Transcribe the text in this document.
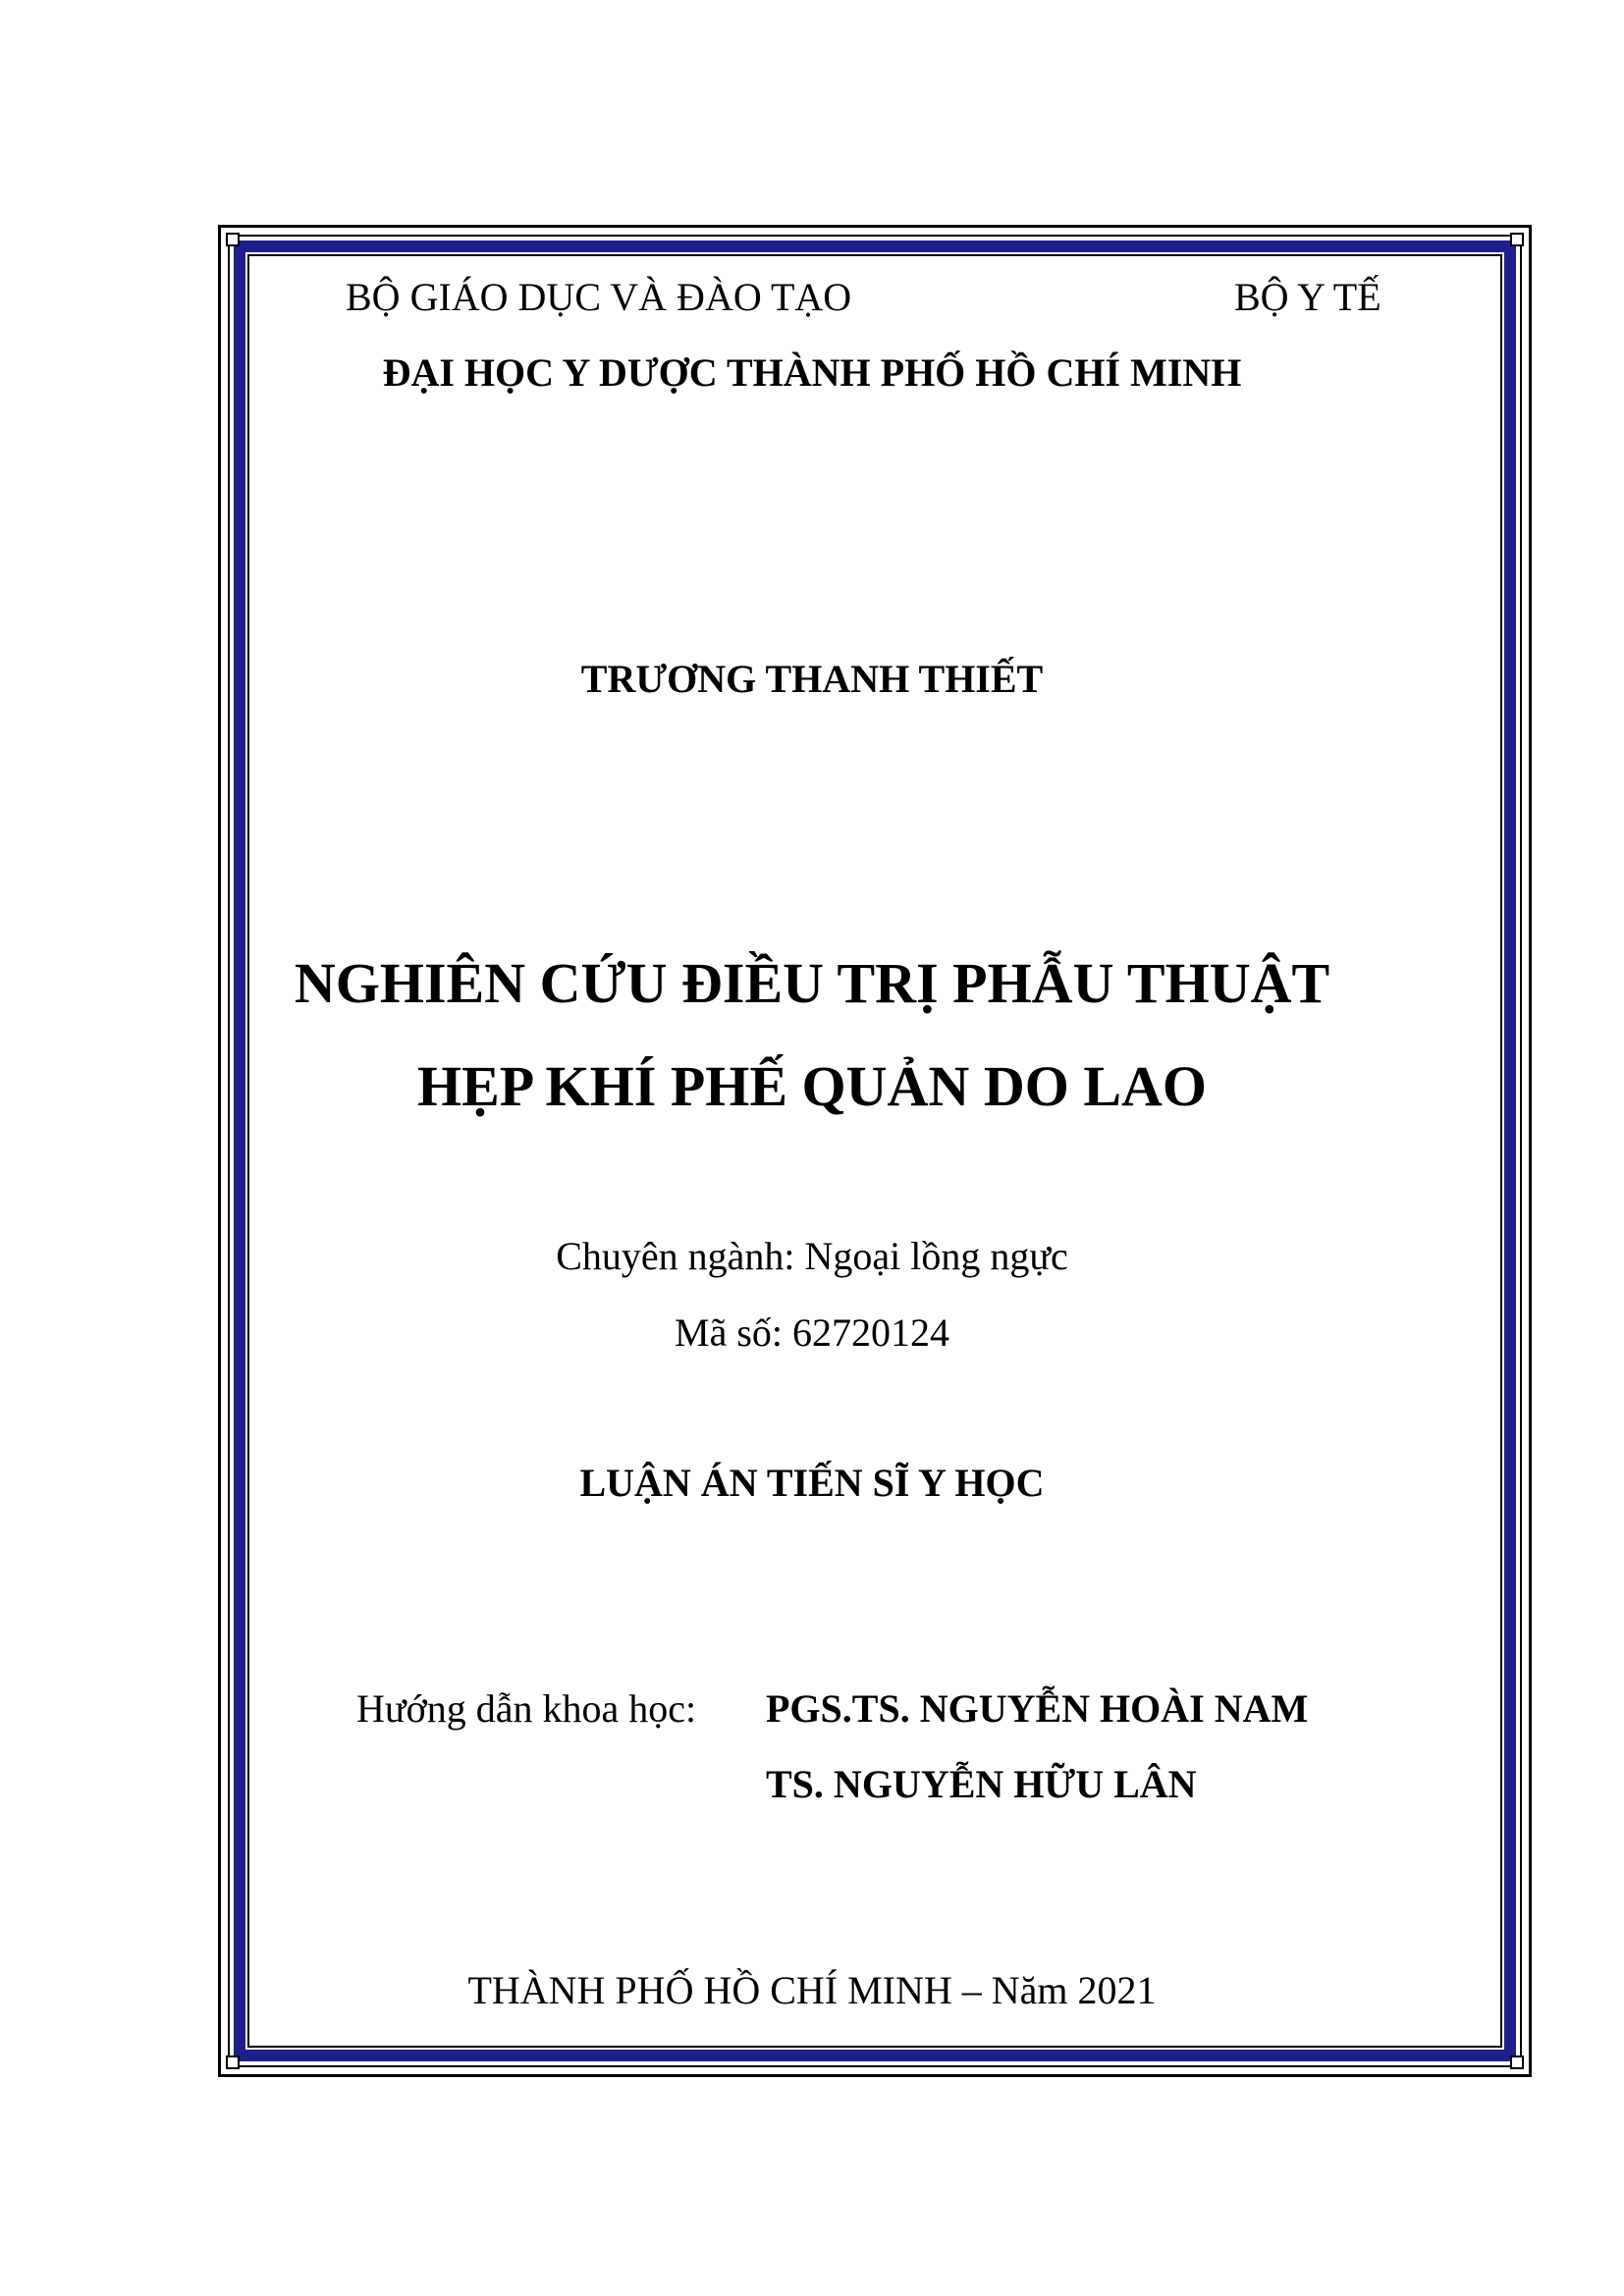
BỘ GIÁO DỤC VÀ ĐÀO TẠO	BỘ Y TẾ
ĐẠI HỌC Y DƯỢC THÀNH PHỐ HỒ CHÍ MINH
TRƯƠNG THANH THIẾT
NGHIÊN CỨU ĐIỀU TRỊ PHẪU THUẬT
HẸP KHÍ PHẾ QUẢN DO LAO
Chuyên ngành: Ngoại lồng ngực
Mã số: 62720124
LUẬN ÁN TIẾN SĨ Y HỌC
Hướng dẫn khoa học: PGS.TS. NGUYỄN HOÀI NAM
TS. NGUYỄN HỮU LÂN
THÀNH PHỐ HỒ CHÍ MINH – Năm 2021
